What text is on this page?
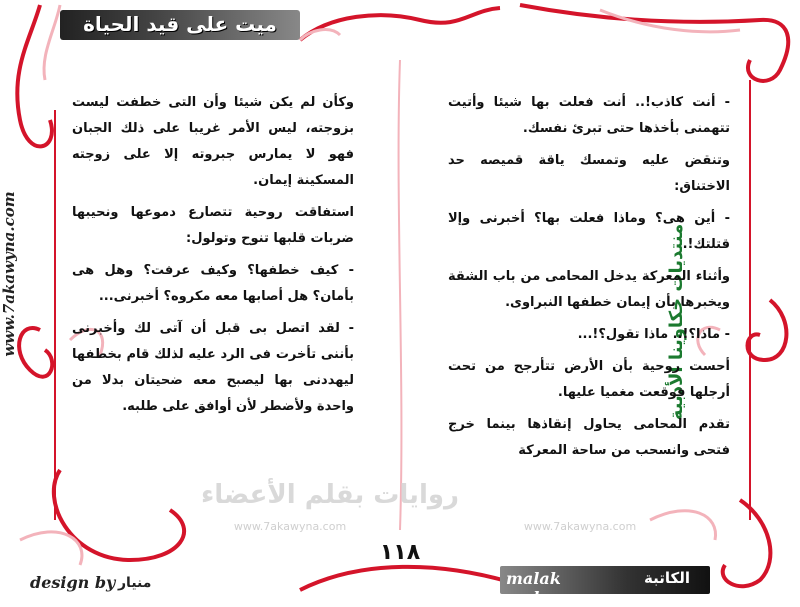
ميت على قيد الحياة
www.7akawyna.com	منتديات حكاوينا الأدبية
روايات بقلم الأعضاء
www.7akawyna.com	www.7akawyna.com

- أنت كاذب!.. أنت فعلت بها شيئا وأتيت تتهمنى بأخذها حتى تبرئ نفسك.

وتنقض عليه وتمسك ياقة قميصه حد الاختناق:

- أين هى؟ وماذا فعلت بها؟ أخبرنى وإلا قتلتك!.

وأثناء المعركة يدخل المحامى من باب الشقة ويخبرها بأن إيمان خطفها النبراوى.

- ماذا؟!.. ماذا تقول؟!...

أحست روحية بأن الأرض تتأرجح من تحت أرجلها فوقعت مغميا عليها.

تقدم المحامى يحاول إنقاذها بينما خرج فتحى وانسحب من ساحة المعركة

وكأن لم يكن شيئا وأن التى خطفت ليست بزوجته، ليس الأمر غريبا على ذلك الجبان فهو لا يمارس جبروته إلا على زوجته المسكينة إيمان.

استفاقت روحية تتصارع دموعها ونحيبها ضربات قلبها تنوح وتولول:

- كيف خطفها؟ وكيف عرفت؟ وهل هى بأمان؟ هل أصابها معه مكروه؟ أخبرنى...

- لقد اتصل بى قبل أن آتى لك وأخبرنى بأننى تأخرت فى الرد عليه لذلك قام بخطفها ليهددنى بها ليصبح معه ضحيتان بدلا من واحدة ولأضطر لأن أوافق على طلبه.

١١٨
malak mahros
الكاتبة
design by منيار
